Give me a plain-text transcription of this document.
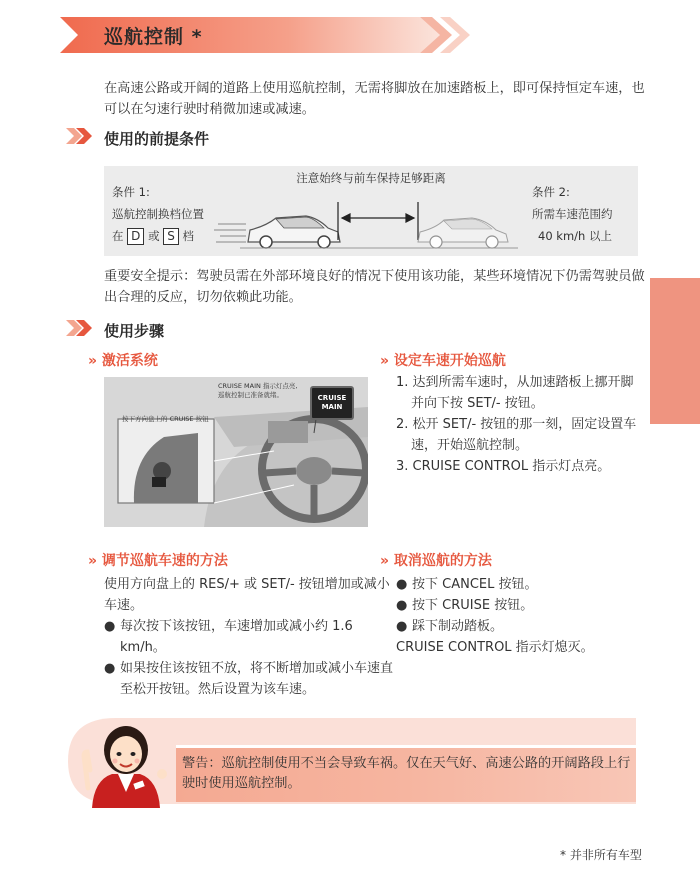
巡航控制 *
在高速公路或开阔的道路上使用巡航控制，无需将脚放在加速踏板上，即可保持恒定车速，也可以在匀速行驶时稍微加速或减速。
使用的前提条件
注意始终与前车保持足够距离
条件 1:
巡航控制换档位置
在 D 或 S 档
条件 2:
所需车速范围约
40 km/h 以上
重要安全提示：驾驶员需在外部环境良好的情况下使用该功能，某些环境情况下仍需驾驶员做出合理的反应，切勿依赖此功能。
使用步骤
» 激活系统
CRUISE MAIN 指示灯点亮,
巡航控制已准备就绪。	CRUISE
MAIN
按下方向盘上的 CRUISE 按钮
» 设定车速开始巡航
1. 达到所需车速时，从加速踏板上挪开脚并向下按 SET/- 按钮。
2. 松开 SET/- 按钮的那一刻，固定设置车速，开始巡航控制。
3. CRUISE CONTROL 指示灯点亮。
» 调节巡航车速的方法
使用方向盘上的 RES/+ 或 SET/- 按钮增加或减小车速。
● 每次按下该按钮，车速增加或减小约 1.6 km/h。
● 如果按住该按钮不放，将不断增加或减小车速直至松开按钮。然后设置为该车速。
» 取消巡航的方法
● 按下 CANCEL 按钮。
● 按下 CRUISE 按钮。
● 踩下制动踏板。
CRUISE CONTROL 指示灯熄灭。
警告：巡航控制使用不当会导致车祸。仅在天气好、高速公路的开阔路段上行驶时使用巡航控制。
* 并非所有车型
